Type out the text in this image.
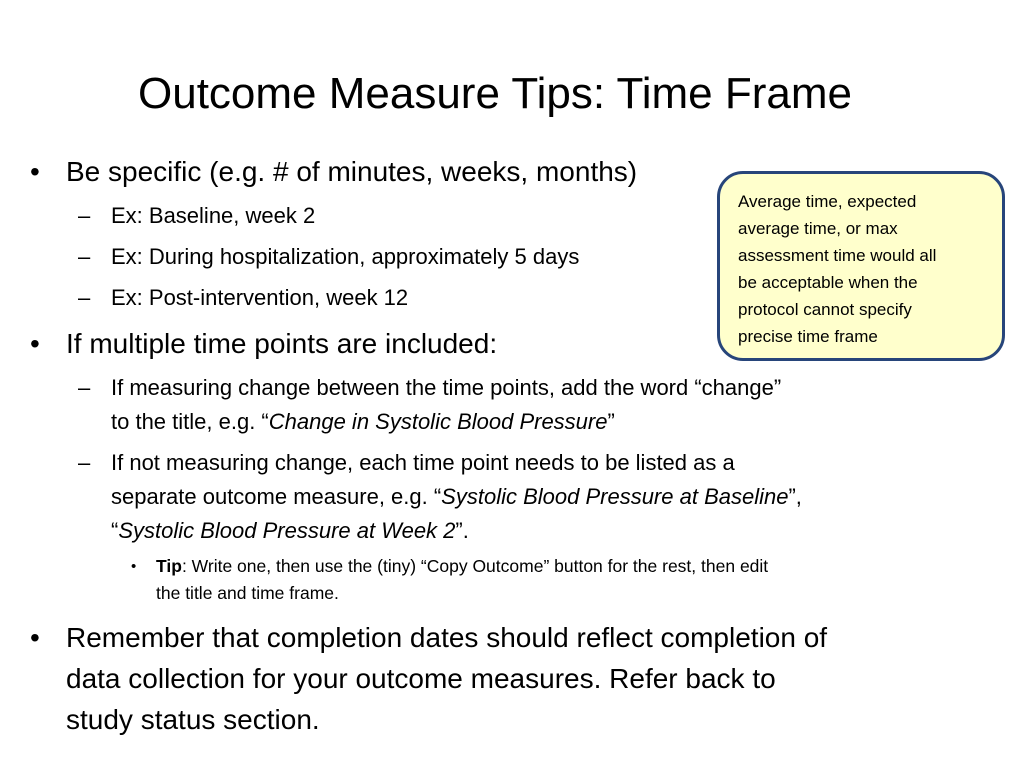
Outcome Measure Tips: Time Frame
• Be specific (e.g. # of minutes, weeks, months)
– Ex: Baseline, week 2
– Ex: During hospitalization, approximately 5 days
– Ex: Post-intervention, week 12
• If multiple time points are included:
– If measuring change between the time points, add the word “change”
to the title, e.g. “Change in Systolic Blood Pressure”
– If not measuring change, each time point needs to be listed as a
separate outcome measure, e.g. “Systolic Blood Pressure at Baseline”,
“Systolic Blood Pressure at Week 2”.
• Tip: Write one, then use the (tiny) “Copy Outcome” button for the rest, then edit
the title and time frame.
• Remember that completion dates should reflect completion of
data collection for your outcome measures. Refer back to
study status section.
Average time, expected
average time, or max
assessment time would all
be acceptable when the
protocol cannot specify
precise time frame
